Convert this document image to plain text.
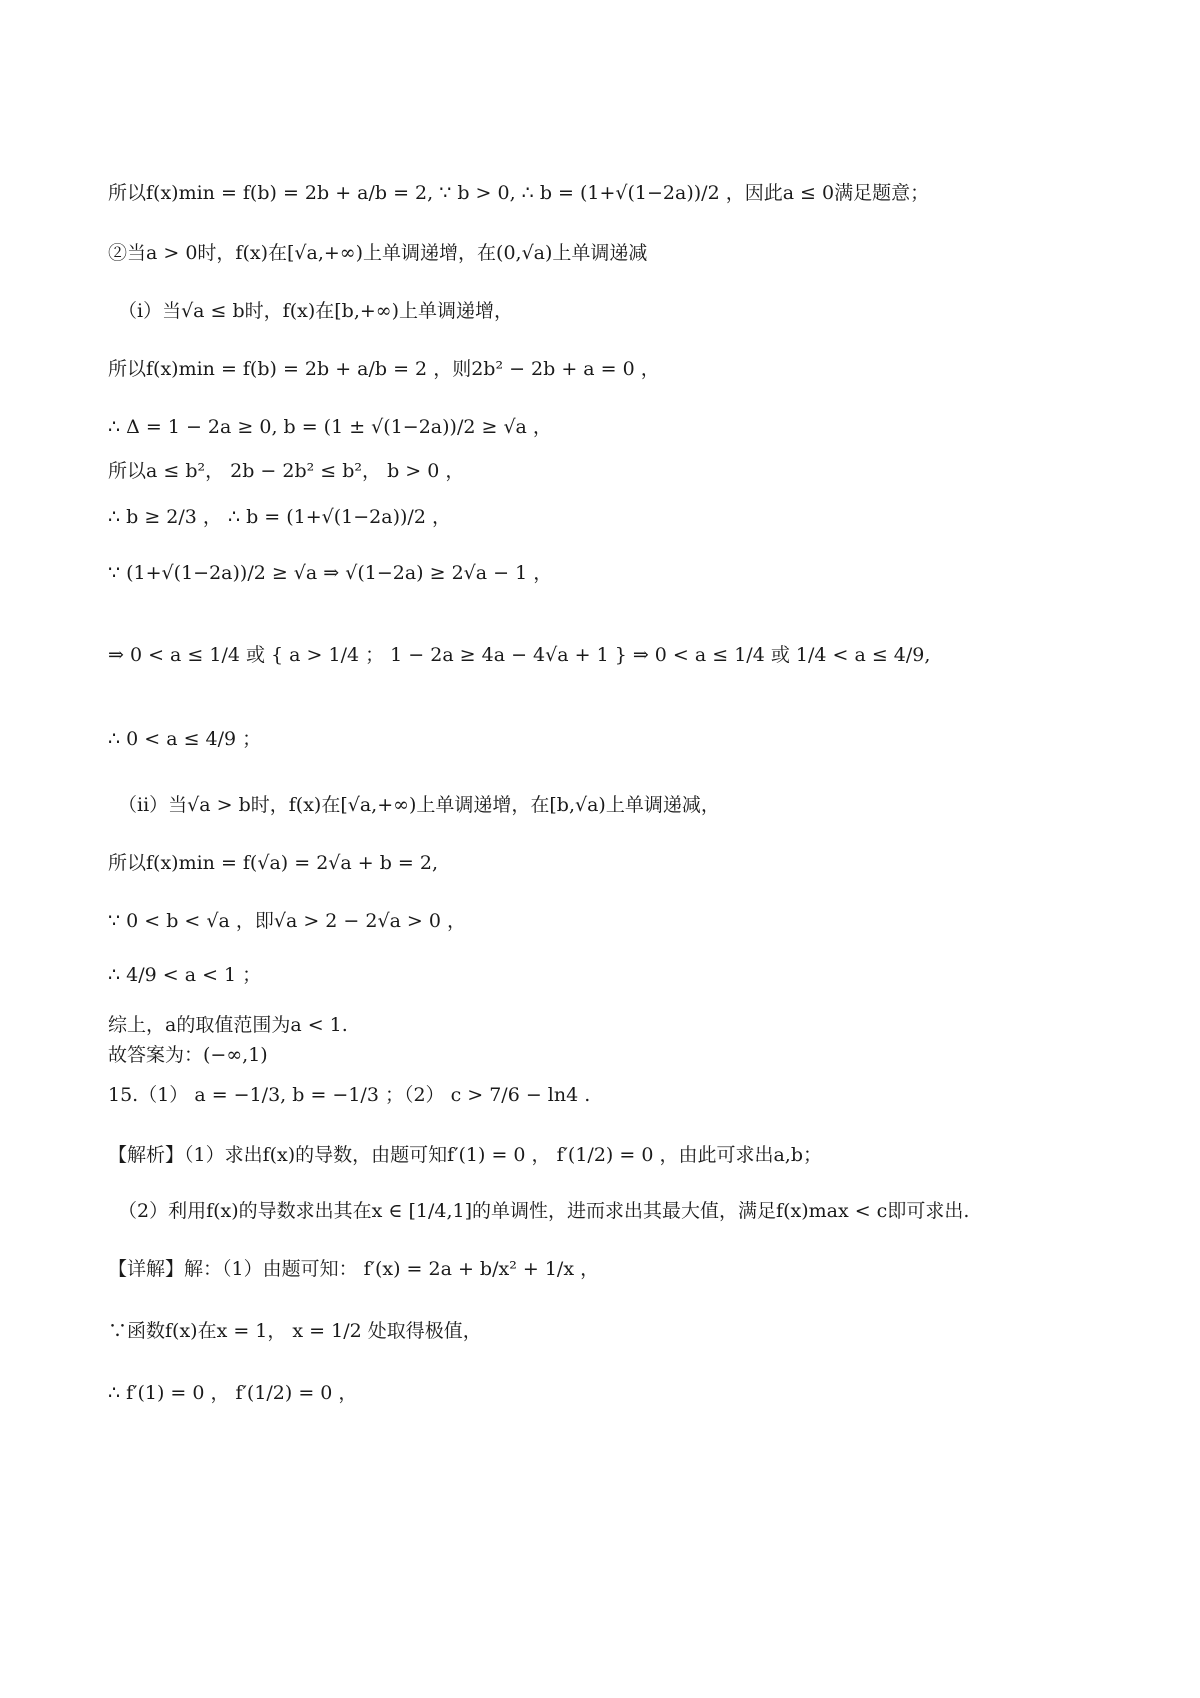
所以f(x)min = f(b) = 2b + a/b = 2, ∵ b > 0, ∴ b = (1+√(1−2a))/2 ，因此a ≤ 0满足题意；
②当a > 0时，f(x)在[√a,+∞)上单调递增，在(0,√a)上单调递减
（i）当√a ≤ b时，f(x)在[b,+∞)上单调递增，
所以f(x)min = f(b) = 2b + a/b = 2 ，则2b² − 2b + a = 0 ，
∴ Δ = 1 − 2a ≥ 0, b = (1 ± √(1−2a))/2 ≥ √a ，
所以a ≤ b²， 2b − 2b² ≤ b²， b > 0 ，
∴ b ≥ 2/3 ， ∴ b = (1+√(1−2a))/2 ，
∵ (1+√(1−2a))/2 ≥ √a ⇒ √(1−2a) ≥ 2√a − 1 ，
⇒ 0 < a ≤ 1/4 或 { a > 1/4 ； 1 − 2a ≥ 4a − 4√a + 1 } ⇒ 0 < a ≤ 1/4 或 1/4 < a ≤ 4/9,
∴ 0 < a ≤ 4/9 ；
（ii）当√a > b时，f(x)在[√a,+∞)上单调递增，在[b,√a)上单调递减，
所以f(x)min = f(√a) = 2√a + b = 2,
∵ 0 < b < √a ，即√a > 2 − 2√a > 0 ，
∴ 4/9 < a < 1 ；
综上，a的取值范围为a < 1.
故答案为：(−∞,1)
15.（1） a = −1/3, b = −1/3 ；（2） c > 7/6 − ln4 .
【解析】（1）求出f(x)的导数，由题可知f′(1) = 0 ， f′(1/2) = 0 ，由此可求出a,b；
（2）利用f(x)的导数求出其在x ∈ [1/4,1]的单调性，进而求出其最大值，满足f(x)max < c即可求出.
【详解】解：（1）由题可知： f′(x) = 2a + b/x² + 1/x ，
∵函数f(x)在x = 1， x = 1/2 处取得极值，
∴ f′(1) = 0 ， f′(1/2) = 0 ，
